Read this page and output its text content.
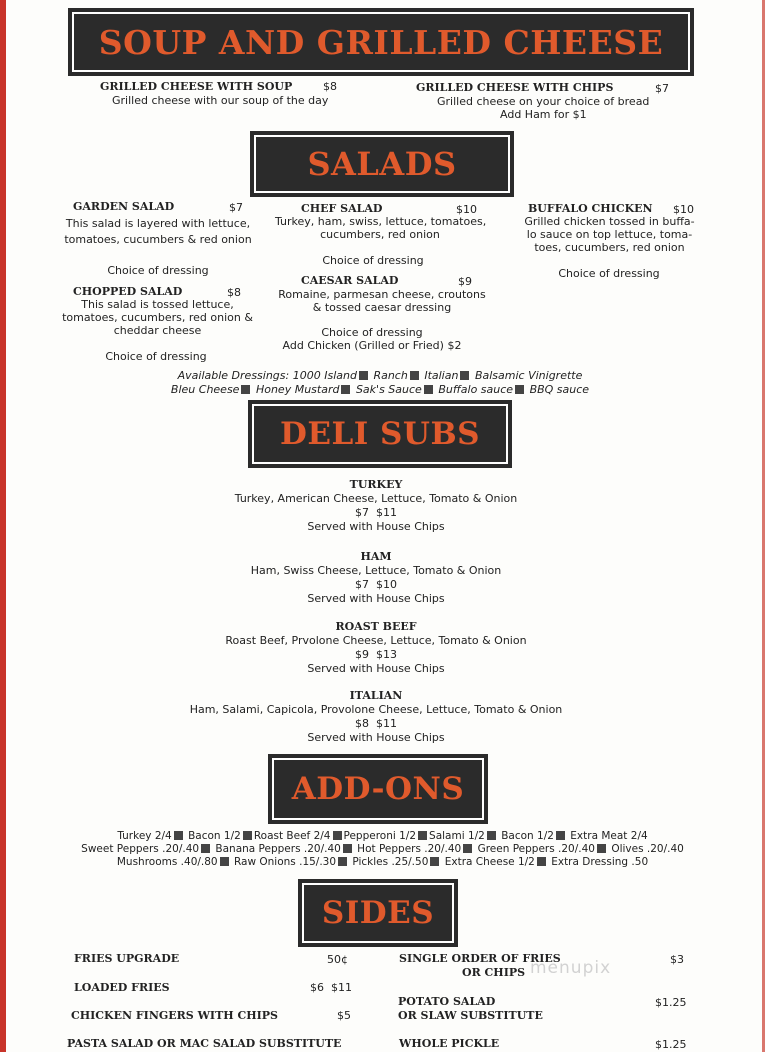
SOUP AND GRILLED CHEESE
GRILLED CHEESE WITH SOUP	$8
Grilled cheese with our soup of the day
GRILLED CHEESE WITH CHIPS	$7
Grilled cheese on your choice of bread
Add Ham for $1
SALADS
GARDEN SALAD	$7
This salad is layered with lettuce,
tomatoes, cucumbers & red onion
Choice of dressing
CHOPPED SALAD	$8
This salad is tossed lettuce,
tomatoes, cucumbers, red onion &
cheddar cheese
Choice of dressing
CHEF SALAD	$10
Turkey, ham, swiss, lettuce, tomatoes,
cucumbers, red onion
Choice of dressing
CAESAR SALAD	$9
Romaine, parmesan cheese, croutons
& tossed caesar dressing
Choice of dressing
Add Chicken (Grilled or Fried) $2
BUFFALO CHICKEN $10
Grilled chicken tossed in buffa-
lo sauce on top lettuce, toma-
toes, cucumbers, red onion
Choice of dressing
Available Dressings: 1000 Island Ranch Italian Balsamic Vinigrette
Bleu Cheese Honey Mustard Sak's Sauce Buffalo sauce BBQ sauce
DELI SUBS
TURKEY
Turkey, American Cheese, Lettuce, Tomato & Onion
$7  $11
Served with House Chips
HAM
Ham, Swiss Cheese, Lettuce, Tomato & Onion
$7  $10
Served with House Chips
ROAST BEEF
Roast Beef, Prvolone Cheese, Lettuce, Tomato & Onion
$9  $13
Served with House Chips
ITALIAN
Ham, Salami, Capicola, Provolone Cheese, Lettuce, Tomato & Onion
$8  $11
Served with House Chips
ADD-ONS
Turkey 2/4 Bacon 1/2 Roast Beef 2/4 Pepperoni 1/2 Salami 1/2 Bacon 1/2 Extra Meat 2/4
Sweet Peppers .20/.40 Banana Peppers .20/.40 Hot Peppers .20/.40 Green Peppers .20/.40 Olives .20/.40
Mushrooms .40/.80 Raw Onions .15/.30 Pickles .25/.50 Extra Cheese 1/2 Extra Dressing .50
SIDES
FRIES UPGRADE	50¢
LOADED FRIES	$6  $11
CHICKEN FINGERS WITH CHIPS	$5
PASTA SALAD OR MAC SALAD SUBSTITUTE
SINGLE ORDER OF FRIES
OR CHIPS
$3
POTATO SALAD
OR SLAW SUBSTITUTE
$1.25
WHOLE PICKLE	$1.25
menupix
